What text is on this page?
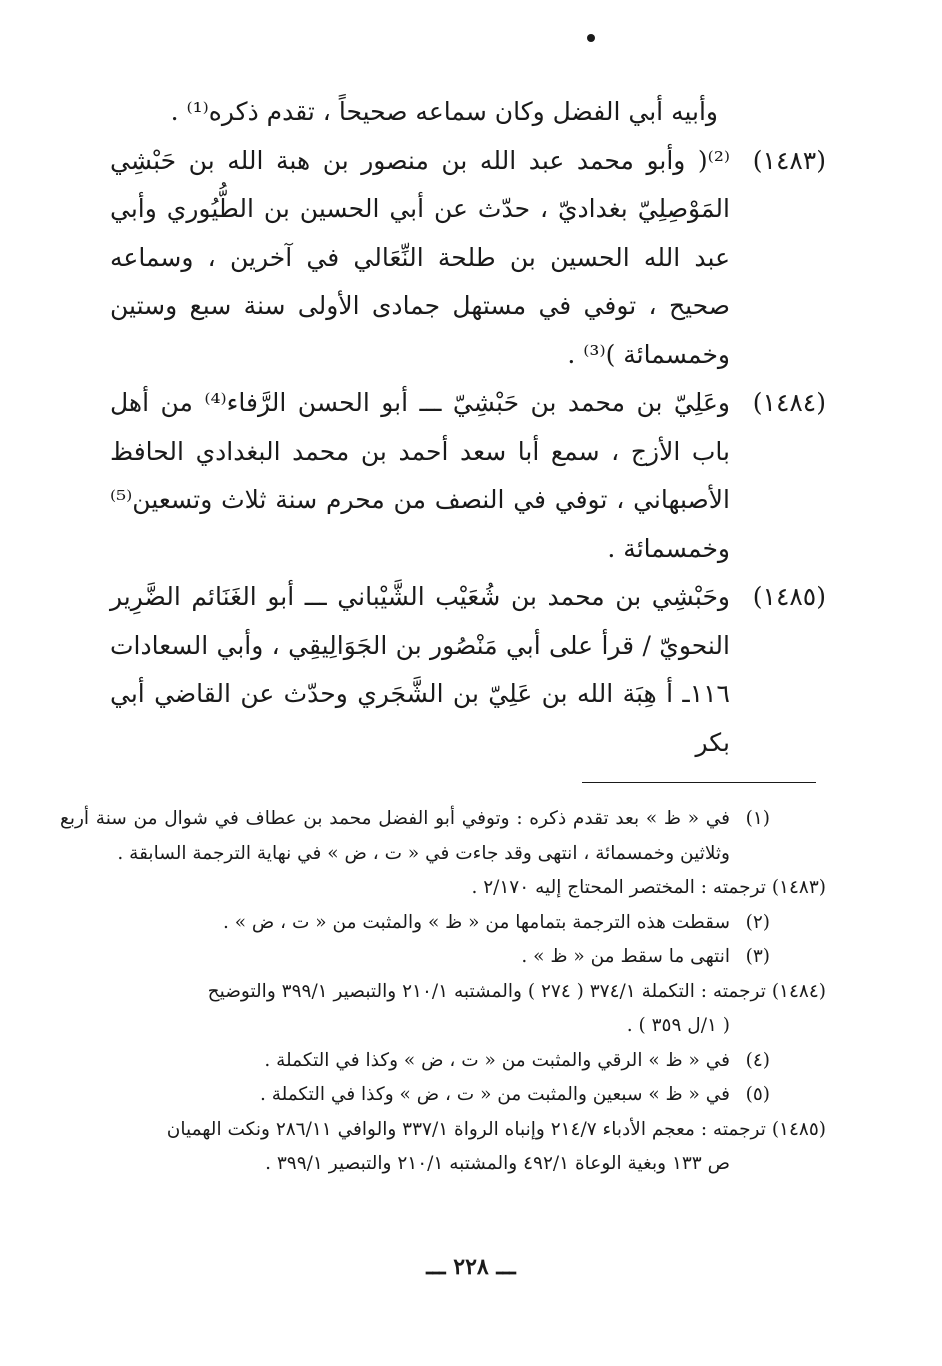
وأبيه أبي الفضل وكان سماعه صحيحاً ، تقدم ذكره⁽¹⁾ .

(١٤٨٣)

⁽²⁾( وأبو محمد عبد الله بن منصور بن هبة الله بن حَبْشِي المَوْصِلِيّ بغداديّ ، حدّث عن أبي الحسين بن الطُّيُوري وأبي عبد الله الحسين بن طلحة النِّعَالي في آخرين ، وسماعه صحيح ، توفي في مستهل جمادى الأولى سنة سبع وستين وخمسمائة )⁽³⁾ .

(١٤٨٤)

وعَلِيّ بن محمد بن حَبْشِيّ ـــ أبو الحسن الرَّفاء⁽⁴⁾ من أهل باب الأزج ، سمع أبا سعد أحمد بن محمد البغدادي الحافظ الأصبهاني ، توفي في النصف من محرم سنة ثلاث وتسعين⁽⁵⁾ وخمسمائة .

(١٤٨٥)

وحَبْشِي بن محمد بن شُعَيْب الشَّيْباني ـــ أبو الغَنَائم الضَّرِير النحويّ / قرأ على أبي مَنْصُور بن الجَوَالِيقِي ، وأبي السعادات ١١٦ـ أ هِبَة الله بن عَلِيّ بن الشَّجَري وحدّث عن القاضي أبي بكر

(١)
في « ظ » بعد تقدم ذكره : وتوفي أبو الفضل محمد بن عطاف في شوال من سنة أربع وثلاثين وخمسمائة ، انتهى وقد جاءت في « ت ، ض » في نهاية الترجمة السابقة .
(١٤٨٣) ترجمته : المختصر المحتاج إليه ٢/١٧٠ .
(٢)
سقطت هذه الترجمة بتمامها من « ظ » والمثبت من « ت ، ض » .
(٣)
انتهى ما سقط من « ظ » .
(١٤٨٤) ترجمته : التكملة ٣٧٤/١ ( ٢٧٤ ) والمشتبه ٢١٠/١ والتبصير ٣٩٩/١ والتوضيح
( ١/ل ٣٥٩ ) .
(٤)
في « ظ » الرقي والمثبت من « ت ، ض » وكذا في التكملة .
(٥)
في « ظ » سبعين والمثبت من « ت ، ض » وكذا في التكملة .
(١٤٨٥) ترجمته : معجم الأدباء ٢١٤/٧ وإنباه الرواة ٣٣٧/١ والوافي ٢٨٦/١١ ونكت الهميان
ص ١٣٣ وبغية الوعاة ٤٩٢/١ والمشتبه ٢١٠/١ والتبصير ٣٩٩/١ .
ـــ ٢٢٨ ـــ
